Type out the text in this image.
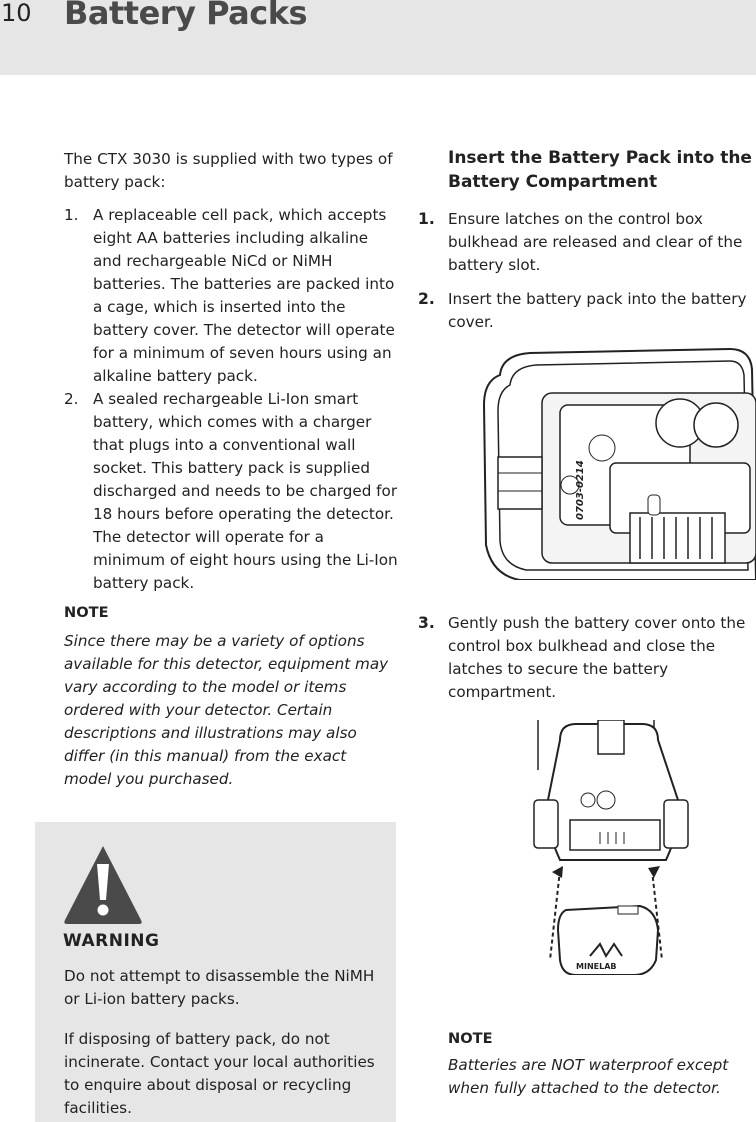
10 Battery Packs

The CTX 3030 is supplied with two types of battery pack:

1. A replaceable cell pack, which accepts eight AA batteries including alkaline and rechargeable NiCd or NiMH batteries. The batteries are packed into a cage, which is inserted into the battery cover. The detector will operate for a minimum of seven hours using an alkaline battery pack.
2. A sealed rechargeable Li-Ion smart battery, which comes with a charger that plugs into a conventional wall socket. This battery pack is supplied discharged and needs to be charged for 18 hours before operating the detector. The detector will operate for a minimum of eight hours using the Li-Ion battery pack.
NOTE
Since there may be a variety of options available for this detector, equipment may vary according to the model or items ordered with your detector. Certain descriptions and illustrations may also differ (in this manual) from the exact model you purchased.
WARNING

Do not attempt to disassemble the NiMH or Li-ion battery packs.

If disposing of battery pack, do not incinerate. Contact your local authorities to enquire about disposal or recycling facilities.

Insert the Battery Pack into the Battery Compartment
1. Ensure latches on the control box bulkhead are released and clear of the battery slot.
2. Insert the battery pack into the battery cover.
3. Gently push the battery cover onto the control box bulkhead and close the latches to secure the battery compartment.
0703-0214
MINELAB
NOTE

Batteries are NOT waterproof except when fully attached to the detector.
